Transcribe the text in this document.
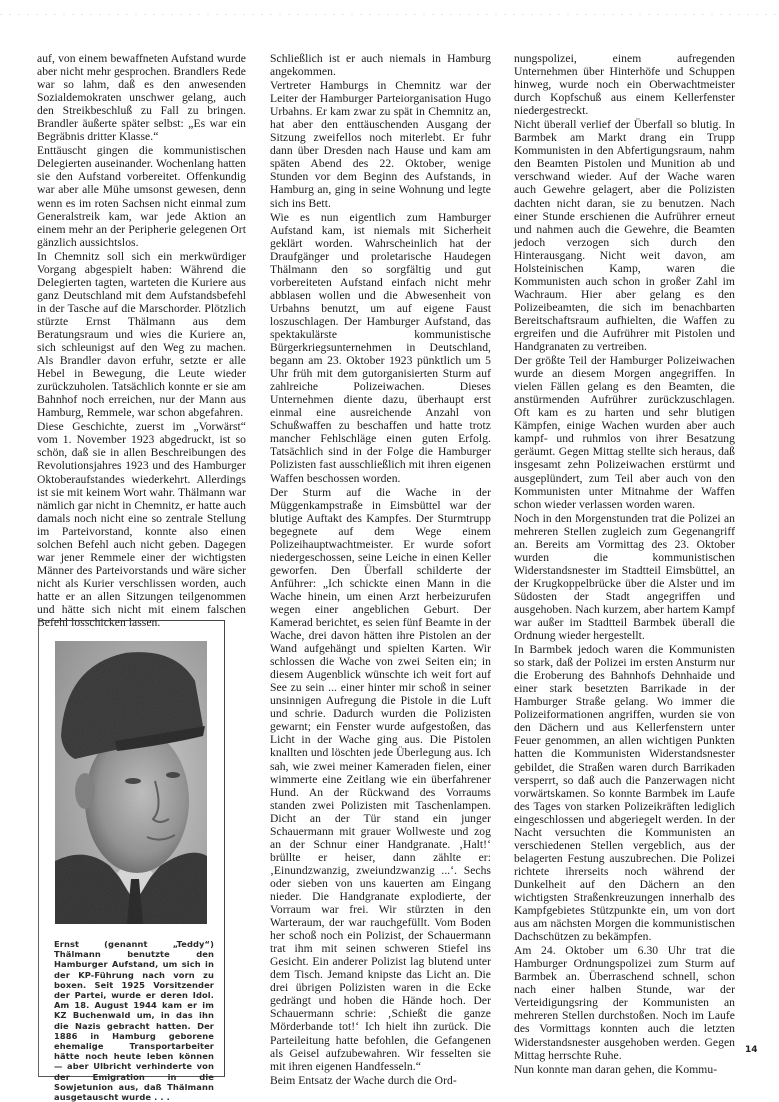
auf, von einem bewaffneten Aufstand wurde aber nicht mehr gesprochen. Brandlers Rede war so lahm, daß es den anwesenden Sozialdemokraten unschwer gelang, auch den Streikbeschluß zu Fall zu bringen. Brandler äußerte später selbst: „Es war ein Begräbnis dritter Klasse.“

Enttäuscht gingen die kommunistischen Delegierten auseinander. Wochenlang hatten sie den Aufstand vorbereitet. Offenkundig war aber alle Mühe umsonst gewesen, denn wenn es im roten Sachsen nicht einmal zum Generalstreik kam, war jede Aktion an einem mehr an der Peripherie gelegenen Ort gänzlich aussichtslos.

In Chemnitz soll sich ein merkwürdiger Vorgang abgespielt haben: Während die Delegierten tagten, warteten die Kuriere aus ganz Deutschland mit dem Aufstandsbefehl in der Tasche auf die Marschorder. Plötzlich stürzte Ernst Thälmann aus dem Beratungsraum und wies die Kuriere an, sich schleunigst auf den Weg zu machen. Als Brandler davon erfuhr, setzte er alle Hebel in Bewegung, die Leute wieder zurückzuholen. Tatsächlich konnte er sie am Bahnhof noch erreichen, nur der Mann aus Hamburg, Remmele, war schon abgefahren.

Diese Geschichte, zuerst im „Vorwärst“ vom 1. November 1923 abgedruckt, ist so schön, daß sie in allen Beschreibungen des Revolutionsjahres 1923 und des Hamburger Oktoberaufstandes wiederkehrt. Allerdings ist sie mit keinem Wort wahr. Thälmann war nämlich gar nicht in Chemnitz, er hatte auch damals noch nicht eine so zentrale Stellung im Parteivorstand, konnte also einen solchen Befehl auch nicht geben. Dagegen war jener Remmele einer der wichtigsten Männer des Parteivorstands und wäre sicher nicht als Kurier verschlissen worden, auch hatte er an allen Sitzungen teilgenommen und hätte sich nicht mit einem falschen Befehl losschicken lassen.

Ernst (genannt „Teddy“) Thälmann benutzte den Hamburger Aufstand, um sich in der KP-Führung nach vorn zu boxen. Seit 1925 Vorsitzender der Partei, wurde er deren Idol. Am 18. August 1944 kam er im KZ Buchenwald um, in das ihn die Nazis gebracht hatten. Der 1886 in Hamburg geborene ehemalige Transportarbeiter hätte noch heute leben können — aber Ulbricht verhinderte von der Emigration in die Sowjetunion aus, daß Thälmann ausgetauscht wurde . . .

Schließlich ist er auch niemals in Hamburg angekommen.

Vertreter Hamburgs in Chemnitz war der Leiter der Hamburger Parteiorganisation Hugo Urbahns. Er kam zwar zu spät in Chemnitz an, hat aber den enttäuschenden Ausgang der Sitzung zweifellos noch miterlebt. Er fuhr dann über Dresden nach Hause und kam am späten Abend des 22. Oktober, wenige Stunden vor dem Beginn des Aufstands, in Hamburg an, ging in seine Wohnung und legte sich ins Bett.

Wie es nun eigentlich zum Hamburger Aufstand kam, ist niemals mit Sicherheit geklärt worden. Wahrscheinlich hat der Draufgänger und proletarische Haudegen Thälmann den so sorgfältig und gut vorbereiteten Aufstand einfach nicht mehr abblasen wollen und die Abwesenheit von Urbahns benutzt, um auf eigene Faust loszuschlagen. Der Hamburger Aufstand, das spektakulärste kommunistische Bürgerkriegsunternehmen in Deutschland, begann am 23. Oktober 1923 pünktlich um 5 Uhr früh mit dem gutorganisierten Sturm auf zahlreiche Polizeiwachen. Dieses Unternehmen diente dazu, überhaupt erst einmal eine ausreichende Anzahl von Schußwaffen zu beschaffen und hatte trotz mancher Fehlschläge einen guten Erfolg. Tatsächlich sind in der Folge die Hamburger Polizisten fast ausschließlich mit ihren eigenen Waffen beschossen worden.

Der Sturm auf die Wache in der Müggenkampstraße in Eimsbüttel war der blutige Auftakt des Kampfes. Der Sturmtrupp begegnete auf dem Wege einem Polizeihauptwachtmeister. Er wurde sofort niedergeschossen, seine Leiche in einen Keller geworfen. Den Überfall schilderte der Anführer: „Ich schickte einen Mann in die Wache hinein, um einen Arzt herbeizurufen wegen einer angeblichen Geburt. Der Kamerad berichtet, es seien fünf Beamte in der Wache, drei davon hätten ihre Pistolen an der Wand aufgehängt und spielten Karten. Wir schlossen die Wache von zwei Seiten ein; in diesem Augenblick wünschte ich weit fort auf See zu sein ... einer hinter mir schoß in seiner unsinnigen Aufregung die Pistole in die Luft und schrie. Dadurch wurden die Polizisten gewarnt; ein Fenster wurde aufgestoßen, das Licht in der Wache ging aus. Die Pistolen knallten und löschten jede Überlegung aus. Ich sah, wie zwei meiner Kameraden fielen, einer wimmerte eine Zeitlang wie ein überfahrener Hund. An der Rückwand des Vorraums standen zwei Polizisten mit Taschenlampen. Dicht an der Tür stand ein junger Schauermann mit grauer Wollweste und zog an der Schnur einer Handgranate. ‚Halt!‘ brüllte er heiser, dann zählte er: ‚Einundzwanzig, zweiundzwanzig ...‘. Sechs oder sieben von uns kauerten am Eingang nieder. Die Handgranate explodierte, der Vorraum war frei. Wir stürzten in den Warteraum, der war rauchgefüllt. Vom Boden her schoß noch ein Polizist, der Schauermann trat ihm mit seinen schweren Stiefel ins Gesicht. Ein anderer Polizist lag blutend unter dem Tisch. Jemand knipste das Licht an. Die drei übrigen Polizisten waren in die Ecke gedrängt und hoben die Hände hoch. Der Schauermann schrie: ‚Schießt die ganze Mörderbande tot!‘ Ich hielt ihn zurück. Die Parteileitung hatte befohlen, die Gefangenen als Geisel aufzubewahren. Wir fesselten sie mit ihren eigenen Handfesseln.“

Beim Entsatz der Wache durch die Ord-

nungspolizei, einem aufregenden Unternehmen über Hinterhöfe und Schuppen hinweg, wurde noch ein Oberwachtmeister durch Kopfschuß aus einem Kellerfenster niedergestreckt.

Nicht überall verlief der Überfall so blutig. In Barmbek am Markt drang ein Trupp Kommunisten in den Abfertigungsraum, nahm den Beamten Pistolen und Munition ab und verschwand wieder. Auf der Wache waren auch Gewehre gelagert, aber die Polizisten dachten nicht daran, sie zu benutzen. Nach einer Stunde erschienen die Aufrührer erneut und nahmen auch die Gewehre, die Beamten jedoch verzogen sich durch den Hinterausgang. Nicht weit davon, am Holsteinischen Kamp, waren die Kommunisten auch schon in großer Zahl im Wachraum. Hier aber gelang es den Polizeibeamten, die sich im benachbarten Bereitschaftsraum aufhielten, die Waffen zu ergreifen und die Aufrührer mit Pistolen und Handgranaten zu vertreiben.

Der größte Teil der Hamburger Polizeiwachen wurde an diesem Morgen angegriffen. In vielen Fällen gelang es den Beamten, die anstürmenden Aufrührer zurückzuschlagen. Oft kam es zu harten und sehr blutigen Kämpfen, einige Wachen wurden aber auch kampf- und ruhmlos von ihrer Besatzung geräumt. Gegen Mittag stellte sich heraus, daß insgesamt zehn Polizeiwachen erstürmt und ausgeplündert, zum Teil aber auch von den Kommunisten unter Mitnahme der Waffen schon wieder verlassen worden waren.

Noch in den Morgenstunden trat die Polizei an mehreren Stellen zugleich zum Gegenangriff an. Bereits am Vormittag des 23. Oktober wurden die kommunistischen Widerstandsnester im Stadtteil Eimsbüttel, an der Krugkoppelbrücke über die Alster und im Südosten der Stadt angegriffen und ausgehoben. Nach kurzem, aber hartem Kampf war außer im Stadtteil Barmbek überall die Ordnung wieder hergestellt.

In Barmbek jedoch waren die Kommunisten so stark, daß der Polizei im ersten Ansturm nur die Eroberung des Bahnhofs Dehnhaide und einer stark besetzten Barrikade in der Hamburger Straße gelang. Wo immer die Polizeiformationen angriffen, wurden sie von den Dächern und aus Kellerfenstern unter Feuer genommen, an allen wichtigen Punkten hatten die Kommunisten Widerstandsnester gebildet, die Straßen waren durch Barrikaden versperrt, so daß auch die Panzerwagen nicht vorwärtskamen. So konnte Barmbek im Laufe des Tages von starken Polizeikräften lediglich eingeschlossen und abgeriegelt werden. In der Nacht versuchten die Kommunisten an verschiedenen Stellen vergeblich, aus der belagerten Festung auszubrechen. Die Polizei richtete ihrerseits noch während der Dunkelheit auf den Dächern an den wichtigsten Straßenkreuzungen innerhalb des Kampfgebietes Stützpunkte ein, um von dort aus am nächsten Morgen die kommunistischen Dachschützen zu bekämpfen.

Am 24. Oktober um 6.30 Uhr trat die Hamburger Ordnungspolizei zum Sturm auf Barmbek an. Überraschend schnell, schon nach einer halben Stunde, war der Verteidigungsring der Kommunisten an mehreren Stellen durchstoßen. Noch im Laufe des Vormittags konnten auch die letzten Widerstandsnester ausgehoben werden. Gegen Mittag herrschte Ruhe.

Nun konnte man daran gehen, die Kommu-

14
